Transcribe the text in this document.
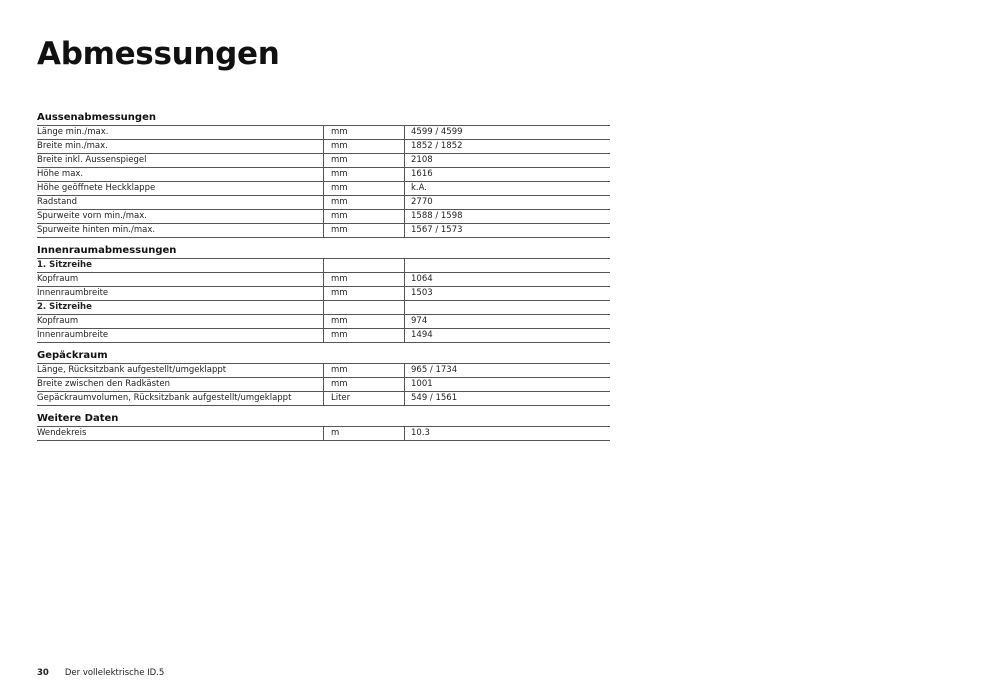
Abmessungen
Aussenabmessungen
Länge min./max.	mm	4599 / 4599
Breite min./max.	mm	1852 / 1852
Breite inkl. Aussenspiegel	mm	2108
Höhe max.	mm	1616
Höhe geöffnete Heckklappe	mm	k.A.
Radstand	mm	2770
Spurweite vorn min./max.	mm	1588 / 1598
Spurweite hinten min./max.	mm	1567 / 1573
Innenraumabmessungen
1. Sitzreihe
Kopfraum	mm	1064
Innenraumbreite	mm	1503
2. Sitzreihe
Kopfraum	mm	974
Innenraumbreite	mm	1494
Gepäckraum
Länge, Rücksitzbank aufgestellt/umgeklappt	mm	965 / 1734
Breite zwischen den Radkästen	mm	1001
Gepäckraumvolumen, Rücksitzbank aufgestellt/umgeklappt	Liter	549 / 1561
Weitere Daten
Wendekreis	m	10.3
30 Der vollelektrische ID.5
